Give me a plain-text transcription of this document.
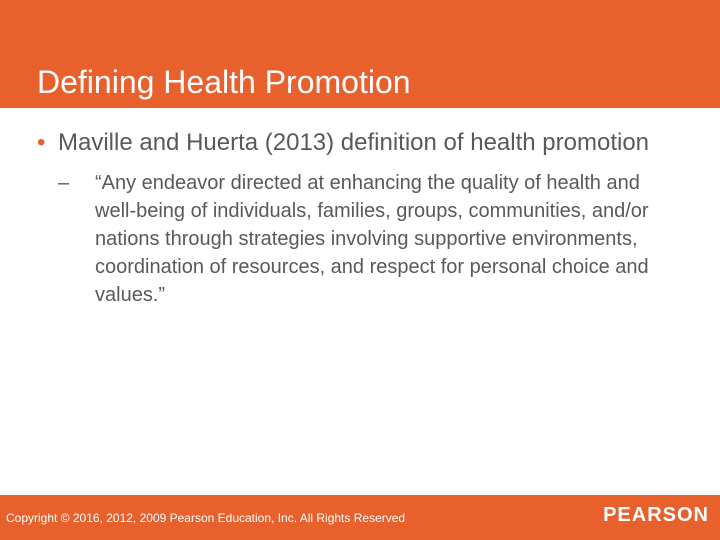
Defining Health Promotion
• Maville and Huerta (2013) definition of health promotion
– “Any endeavor directed at enhancing the quality of health and well-being of individuals, families, groups, communities, and/or nations through strategies involving supportive environments, coordination of resources, and respect for personal choice and values.”
Copyright © 2016, 2012, 2009 Pearson Education, Inc. All Rights Reserved	PEARSON
